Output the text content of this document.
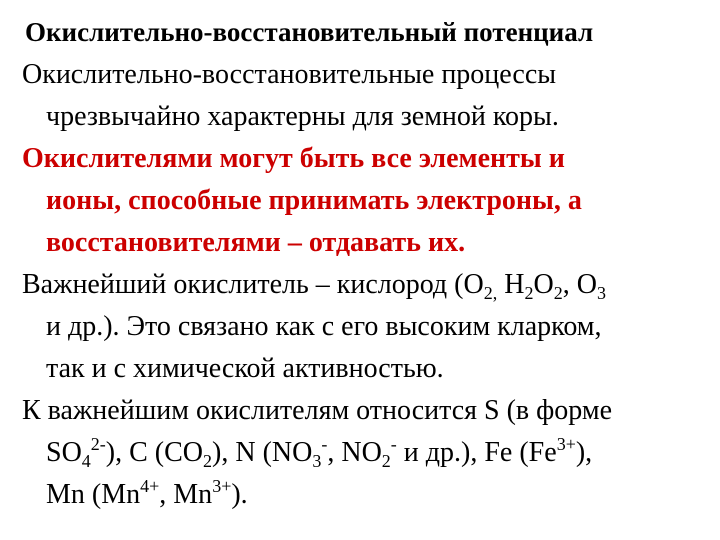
Окислительно-восстановительный потенциал
Окислительно-восстановительные процессы
чрезвычайно характерны для земной коры.
Окислителями могут быть все элементы и
ионы, способные принимать электроны, а
восстановителями – отдавать их.
Важнейший окислитель – кислород ($О_{2,}$ $Н_2О_2$, $О_3$
и др.). Это связано как с его высоким кларком,
так и с химической активностью.
К важнейшим окислителям относится S (в форме
$SO_4^{2-}$), C $(CO_2)$, N ($NO_3^-$, $NO_2^-$ и др.), Fe $(Fe^{3+})$,
Mn ($Mn^{4+}$, $Mn^{3+}$).
